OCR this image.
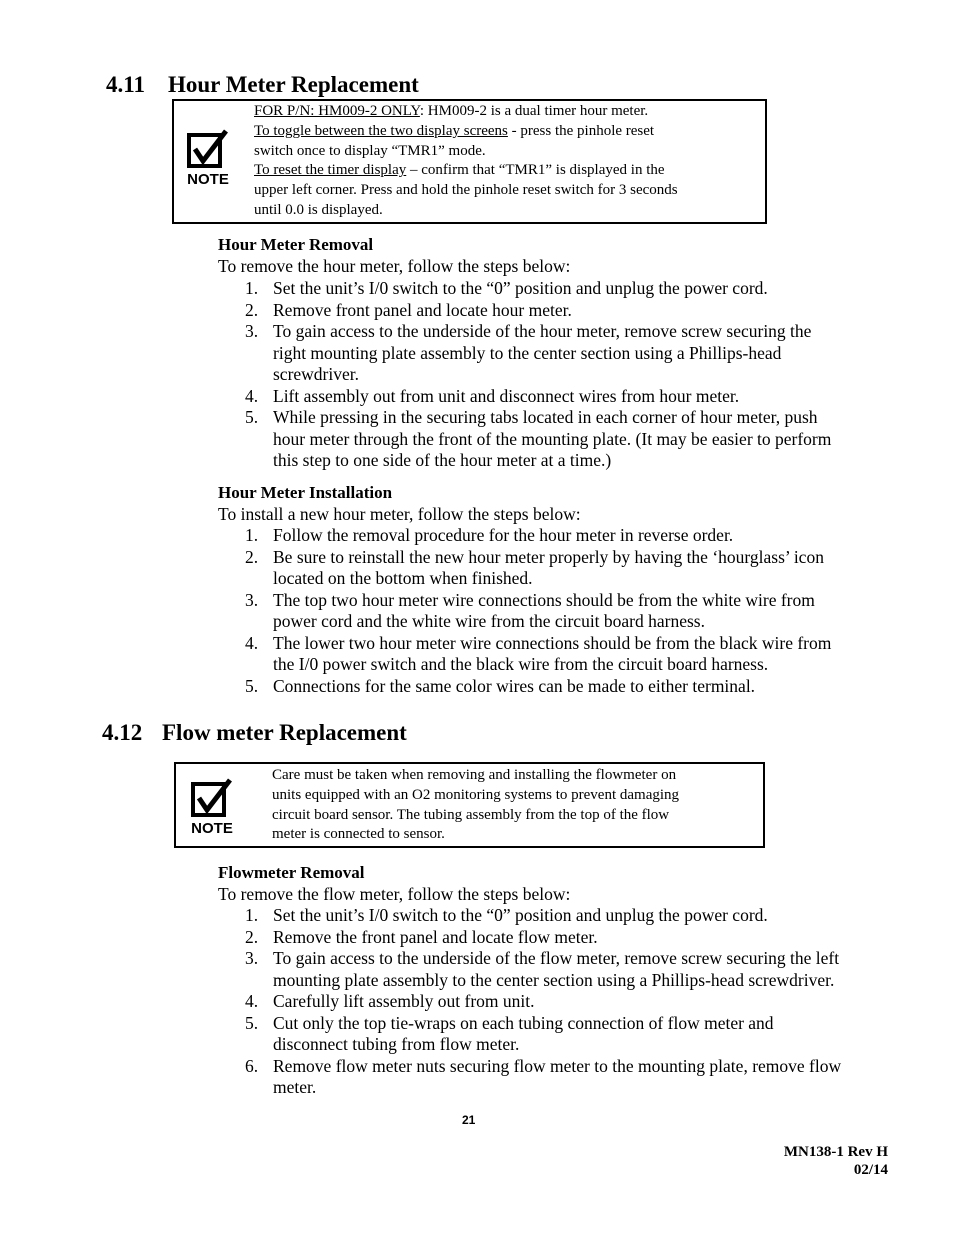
4.11 Hour Meter Replacement
NOTE
FOR P/N: HM009-2 ONLY: HM009-2 is a dual timer hour meter.
To toggle between the two display screens - press the pinhole reset
switch once to display “TMR1” mode.
To reset the timer display – confirm that “TMR1” is displayed in the
upper left corner. Press and hold the pinhole reset switch for 3 seconds
until 0.0 is displayed.
Hour Meter Removal
To remove the hour meter, follow the steps below:
1. Set the unit’s I/0 switch to the “0” position and unplug the power cord.
2. Remove front panel and locate hour meter.
3. To gain access to the underside of the hour meter, remove screw securing the
right mounting plate assembly to the center section using a Phillips-head
screwdriver.
4. Lift assembly out from unit and disconnect wires from hour meter.
5. While pressing in the securing tabs located in each corner of hour meter, push
hour meter through the front of the mounting plate. (It may be easier to perform
this step to one side of the hour meter at a time.)
Hour Meter Installation
To install a new hour meter, follow the steps below:
1. Follow the removal procedure for the hour meter in reverse order.
2. Be sure to reinstall the new hour meter properly by having the ‘hourglass’ icon
located on the bottom when finished.
3. The top two hour meter wire connections should be from the white wire from
power cord and the white wire from the circuit board harness.
4. The lower two hour meter wire connections should be from the black wire from
the I/0 power switch and the black wire from the circuit board harness.
5. Connections for the same color wires can be made to either terminal.
4.12 Flow meter Replacement
NOTE
Care must be taken when removing and installing the flowmeter on
units equipped with an O2 monitoring systems to prevent damaging
circuit board sensor. The tubing assembly from the top of the flow
meter is connected to sensor.
Flowmeter Removal
To remove the flow meter, follow the steps below:
1. Set the unit’s I/0 switch to the “0” position and unplug the power cord.
2. Remove the front panel and locate flow meter.
3. To gain access to the underside of the flow meter, remove screw securing the left
mounting plate assembly to the center section using a Phillips-head screwdriver.
4. Carefully lift assembly out from unit.
5. Cut only the top tie-wraps on each tubing connection of flow meter and
disconnect tubing from flow meter.
6. Remove flow meter nuts securing flow meter to the mounting plate, remove flow
meter.
21
MN138-1 Rev H
02/14
